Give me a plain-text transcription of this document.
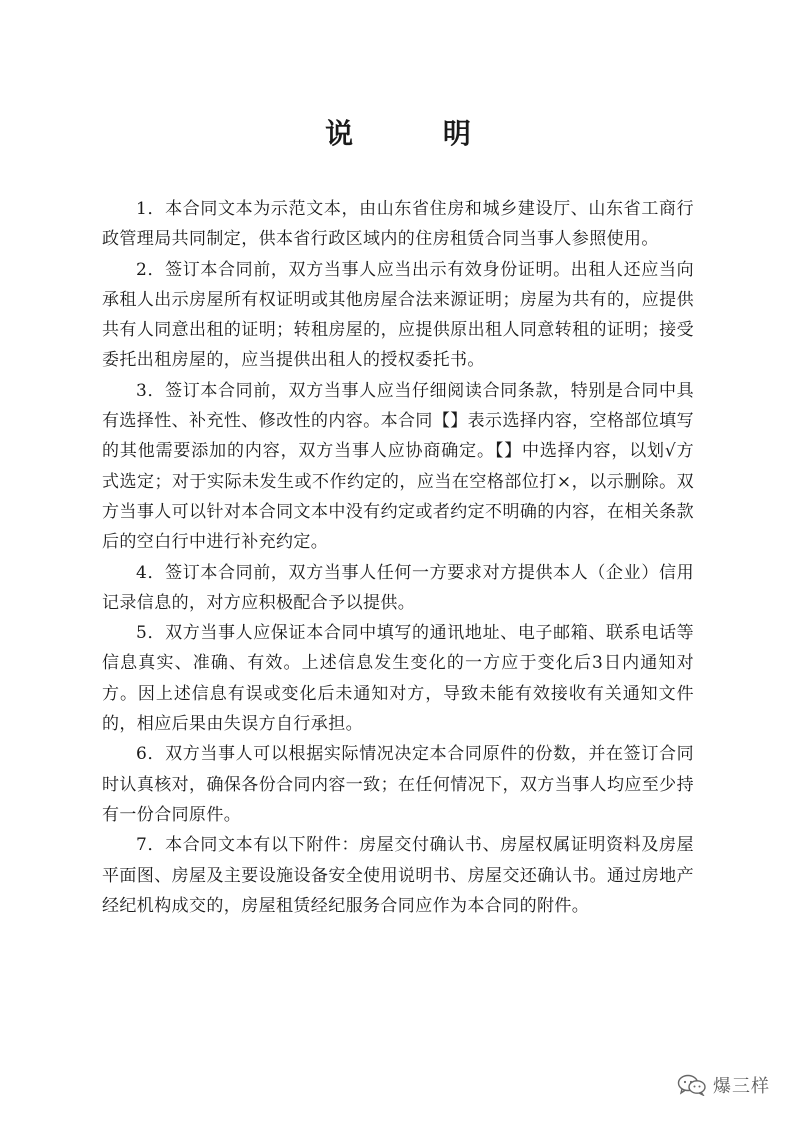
说 明

1．本合同文本为示范文本，由山东省住房和城乡建设厅、山东省工商行政管理局共同制定，供本省行政区域内的住房租赁合同当事人参照使用。

2．签订本合同前，双方当事人应当出示有效身份证明。出租人还应当向承租人出示房屋所有权证明或其他房屋合法来源证明；房屋为共有的，应提供共有人同意出租的证明；转租房屋的，应提供原出租人同意转租的证明；接受委托出租房屋的，应当提供出租人的授权委托书。

3．签订本合同前，双方当事人应当仔细阅读合同条款，特别是合同中具有选择性、补充性、修改性的内容。本合同【】表示选择内容，空格部位填写的其他需要添加的内容，双方当事人应协商确定。【】中选择内容，以划√方式选定；对于实际未发生或不作约定的，应当在空格部位打×，以示删除。双方当事人可以针对本合同文本中没有约定或者约定不明确的内容，在相关条款后的空白行中进行补充约定。

4．签订本合同前，双方当事人任何一方要求对方提供本人（企业）信用记录信息的，对方应积极配合予以提供。

5．双方当事人应保证本合同中填写的通讯地址、电子邮箱、联系电话等信息真实、准确、有效。上述信息发生变化的一方应于变化后3日内通知对方。因上述信息有误或变化后未通知对方，导致未能有效接收有关通知文件的，相应后果由失误方自行承担。

6．双方当事人可以根据实际情况决定本合同原件的份数，并在签订合同时认真核对，确保各份合同内容一致；在任何情况下，双方当事人均应至少持有一份合同原件。

7．本合同文本有以下附件：房屋交付确认书、房屋权属证明资料及房屋平面图、房屋及主要设施设备安全使用说明书、房屋交还确认书。通过房地产经纪机构成交的，房屋租赁经纪服务合同应作为本合同的附件。

爆三样
